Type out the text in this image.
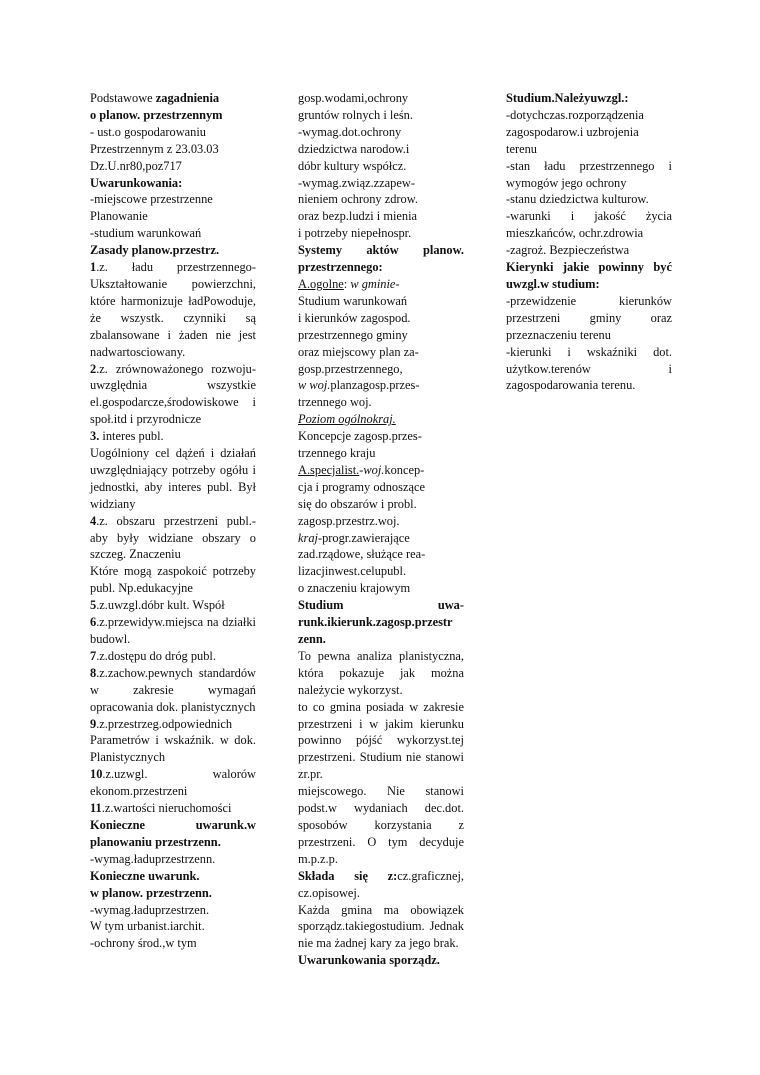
Podstawowe zagadnienia

o planow. przestrzennym

- ust.o gospodarowaniu

Przestrzennym z 23.03.03

Dz.U.nr80,poz717

Uwarunkowania:

-miejscowe przestrzenne

Planowanie

-studium warunkowań

Zasady planow.przestrz.

1.z. ładu przestrzennego-Ukształtowanie powierzchni, które harmonizuje ładPowoduje, że wszystk. czynniki są zbalansowane i żaden nie jest nadwartosciowany.

2.z. zrównoważonego rozwoju-uwzględnia wszystkie el.gospodarcze,środowiskowe i społ.itd i przyrodnicze

3. interes publ.

Uogólniony cel dążeń i działań uwzględniający potrzeby ogółu i jednostki, aby interes publ. Był widziany

4.z. obszaru przestrzeni publ.-aby były widziane obszary o szczeg. Znaczeniu

Które mogą zaspokoić potrzeby publ. Np.edukacyjne

5.z.uwzgl.dóbr kult. Współ

6.z.przewidyw.miejsca na działki budowl.

7.z.dostępu do dróg publ.

8.z.zachow.pewnych standardów w zakresie wymagań opracowania dok. planistycznych

9.z.przestrzeg.odpowiednich

Parametrów i wskaźnik. w dok. Planistycznych

10.z.uzwgl. walorów ekonom.przestrzeni

11.z.wartości nieruchomości

Konieczne uwarunk.w planowaniu przestrzenn.

-wymag.ładuprzestrzenn.

Konieczne uwarunk.

w planow. przestrzenn.

-wymag.ładuprzestrzen.

W tym urbanist.iarchit.

-ochrony środ.,w tym

gosp.wodami,ochrony

gruntów rolnych i leśn.

-wymag.dot.ochrony

dziedzictwa narodow.i

dóbr kultury współcz.

-wymag.związ.zzapew-

nieniem ochrony zdrow.

oraz bezp.ludzi i mienia

i potrzeby niepełnospr.

Systemy aktów planow. przestrzennego:

A.ogolne: w gminie-

Studium warunkowań

i kierunków zagospod.

przestrzennego gminy

oraz miejscowy plan za-

gosp.przestrzennego,

w woj.planzagosp.przes-

trzennego woj.

Poziom ogólnokraj.

Koncepcje zagosp.przes-

trzennego kraju

A.specjalist.-woj.koncep-

cja i programy odnoszące

się do obszarów i probl.

zagosp.przestrz.woj.

kraj-progr.zawierające

zad.rządowe, służące rea-

lizacjinwest.celupubl.

o znaczeniu krajowym

Studium uwa-

runk.ikierunk.zagosp.przestr

zenn.

To pewna analiza planistyczna, która pokazuje jak można należycie wykorzyst.

to co gmina posiada w zakresie przestrzeni i w jakim kierunku powinno pójść wykorzyst.tej przestrzeni. Studium nie stanowi zr.pr.

miejscowego. Nie stanowi podst.w wydaniach dec.dot. sposobów korzystania z przestrzeni. O tym decyduje m.p.z.p.

Składa się z:cz.graficznej, cz.opisowej.

Każda gmina ma obowiązek sporządz.takiegostudium. Jednak nie ma żadnej kary za jego brak.

Uwarunkowania sporządz.

Studium.Należyuwzgl.:

-dotychczas.rozporządzenia

zagospodarow.i uzbrojenia

terenu

-stan ładu przestrzennego i wymogów jego ochrony

-stanu dziedzictwa kulturow.

-warunki i jakość życia mieszkańców, ochr.zdrowia

-zagroż. Bezpieczeństwa

Kierynki jakie powinny być uwzgl.w studium:

-przewidzenie kierunków przestrzeni gminy oraz przeznaczeniu terenu

-kierunki i wskaźniki dot. użytkow.terenów i zagospodarowania terenu.
